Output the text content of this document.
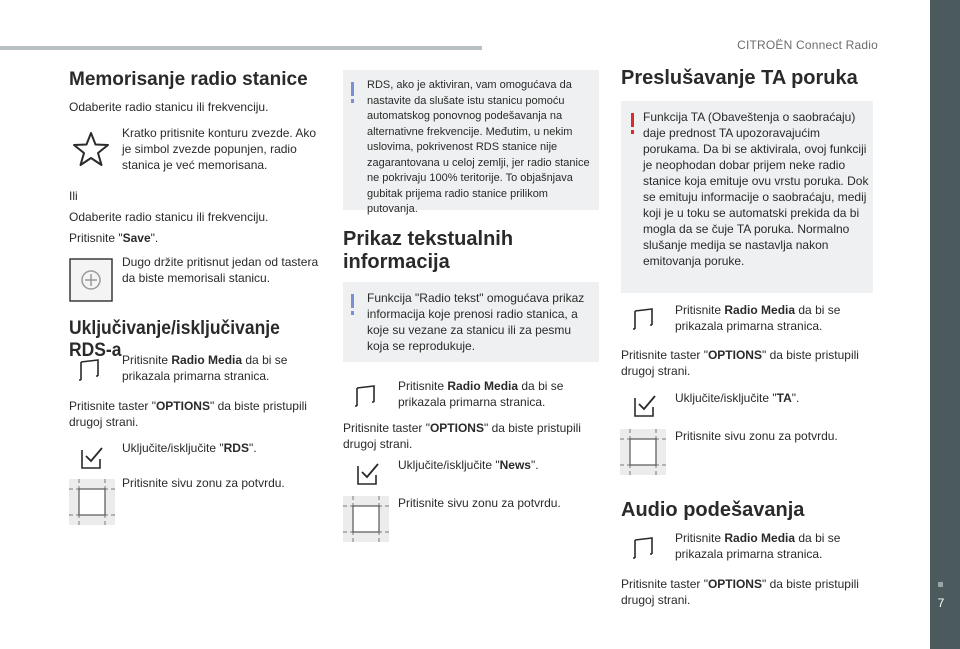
CITROËN Connect Radio
7
Memorisanje radio stanice
Odaberite radio stanicu ili frekvenciju.
Kratko pritisnite konturu zvezde. Ako je simbol zvezde popunjen, radio stanica je već memorisana.
Ili
Odaberite radio stanicu ili frekvenciju.
Pritisnite "Save".
Dugo držite pritisnut jedan od tastera da biste memorisali stanicu.
Uključivanje/isključivanje RDS-a Pritisnite Radio Media da bi se prikazala primarna stranica.
Pritisnite taster "OPTIONS" da biste pristupili drugoj strani.
Uključite/isključite "RDS".
Pritisnite sivu zonu za potvrdu.
RDS, ako je aktiviran, vam omogućava da nastavite da slušate istu stanicu pomoću automatskog ponovnog podešavanja na alternativne frekvencije. Međutim, u nekim uslovima, pokrivenost RDS stanice nije zagarantovana u celoj zemlji, jer radio stanice ne pokrivaju 100% teritorije. To objašnjava gubitak prijema radio stanice prilikom putovanja.
Prikaz tekstualnih informacija
Funkcija "Radio tekst" omogućava prikaz informacija koje prenosi radio stanica, a koje su vezane za stanicu ili za pesmu koja se reprodukuje.
Pritisnite Radio Media da bi se prikazala primarna stranica.
Pritisnite taster "OPTIONS" da biste pristupili drugoj strani.
Uključite/isključite "News".
Pritisnite sivu zonu za potvrdu.
Preslušavanje TA poruka
Funkcija TA (Obaveštenja o saobraćaju) daje prednost TA upozoravajućim porukama. Da bi se aktivirala, ovoj funkciji je neophodan dobar prijem neke radio stanice koja emituje ovu vrstu poruka. Dok se emituju informacije o saobraćaju, medij koji je u toku se automatski prekida da bi mogla da se čuje TA poruka. Normalno slušanje medija se nastavlja nakon emitovanja poruke.
Pritisnite Radio Media da bi se prikazala primarna stranica.
Pritisnite taster "OPTIONS" da biste pristupili drugoj strani.
Uključite/isključite "TA".
Pritisnite sivu zonu za potvrdu.
Audio podešavanja
Pritisnite Radio Media da bi se prikazala primarna stranica.
Pritisnite taster "OPTIONS" da biste pristupili drugoj strani.
